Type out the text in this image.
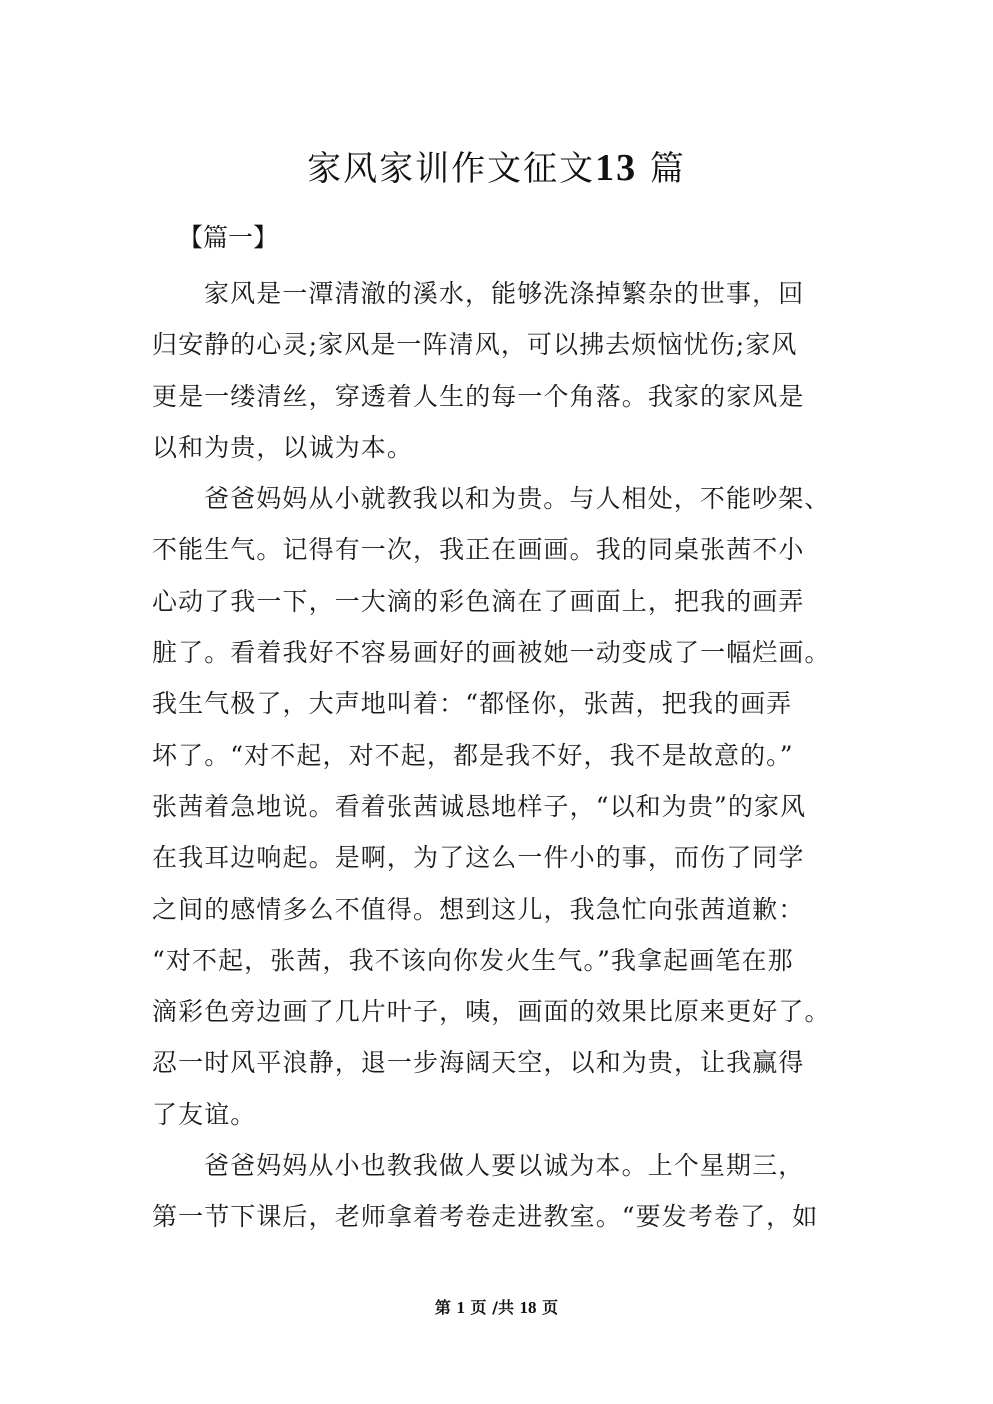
家风家训作文征文13 篇
【篇一】
家风是一潭清澈的溪水，能够洗涤掉繁杂的世事，回
归安静的心灵;家风是一阵清风，可以拂去烦恼忧伤;家风
更是一缕清丝，穿透着人生的每一个角落。我家的家风是
以和为贵，以诚为本。
爸爸妈妈从小就教我以和为贵。与人相处，不能吵架、
不能生气。记得有一次，我正在画画。我的同桌张茜不小
心动了我一下，一大滴的彩色滴在了画面上，把我的画弄
脏了。看着我好不容易画好的画被她一动变成了一幅烂画。
我生气极了，大声地叫着：“都怪你，张茜，把我的画弄
坏了。“对不起，对不起，都是我不好，我不是故意的。”
张茜着急地说。看着张茜诚恳地样子，“以和为贵”的家风
在我耳边响起。是啊，为了这么一件小的事，而伤了同学
之间的感情多么不值得。想到这儿，我急忙向张茜道歉：
“对不起，张茜，我不该向你发火生气。”我拿起画笔在那
滴彩色旁边画了几片叶子，咦，画面的效果比原来更好了。
忍一时风平浪静，退一步海阔天空，以和为贵，让我赢得
了友谊。
爸爸妈妈从小也教我做人要以诚为本。上个星期三，
第一节下课后，老师拿着考卷走进教室。“要发考卷了，如
第 1 页 /共 18 页
